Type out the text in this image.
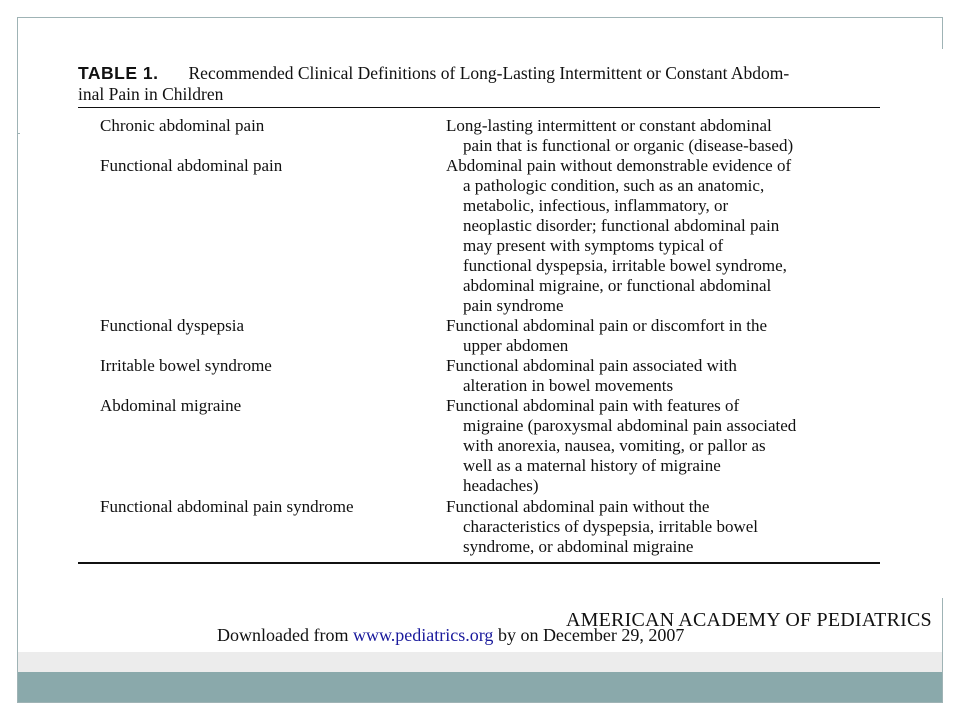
TABLE 1. Recommended Clinical Definitions of Long-Lasting Intermittent or Constant Abdom-
inal Pain in Children
Chronic abdominal pain	Long-lasting intermittent or constant abdominal
pain that is functional or organic (disease-based)
Functional abdominal pain	Abdominal pain without demonstrable evidence of
a pathologic condition, such as an anatomic,
metabolic, infectious, inflammatory, or
neoplastic disorder; functional abdominal pain
may present with symptoms typical of
functional dyspepsia, irritable bowel syndrome,
abdominal migraine, or functional abdominal
pain syndrome
Functional dyspepsia	Functional abdominal pain or discomfort in the
upper abdomen
Irritable bowel syndrome	Functional abdominal pain associated with
alteration in bowel movements
Abdominal migraine	Functional abdominal pain with features of
migraine (paroxysmal abdominal pain associated
with anorexia, nausea, vomiting, or pallor as
well as a maternal history of migraine
headaches)
Functional abdominal pain syndrome	Functional abdominal pain without the
characteristics of dyspepsia, irritable bowel
syndrome, or abdominal migraine
AMERICAN ACADEMY OF PEDIATRICS
Downloaded from www.pediatrics.org by on December 29, 2007
